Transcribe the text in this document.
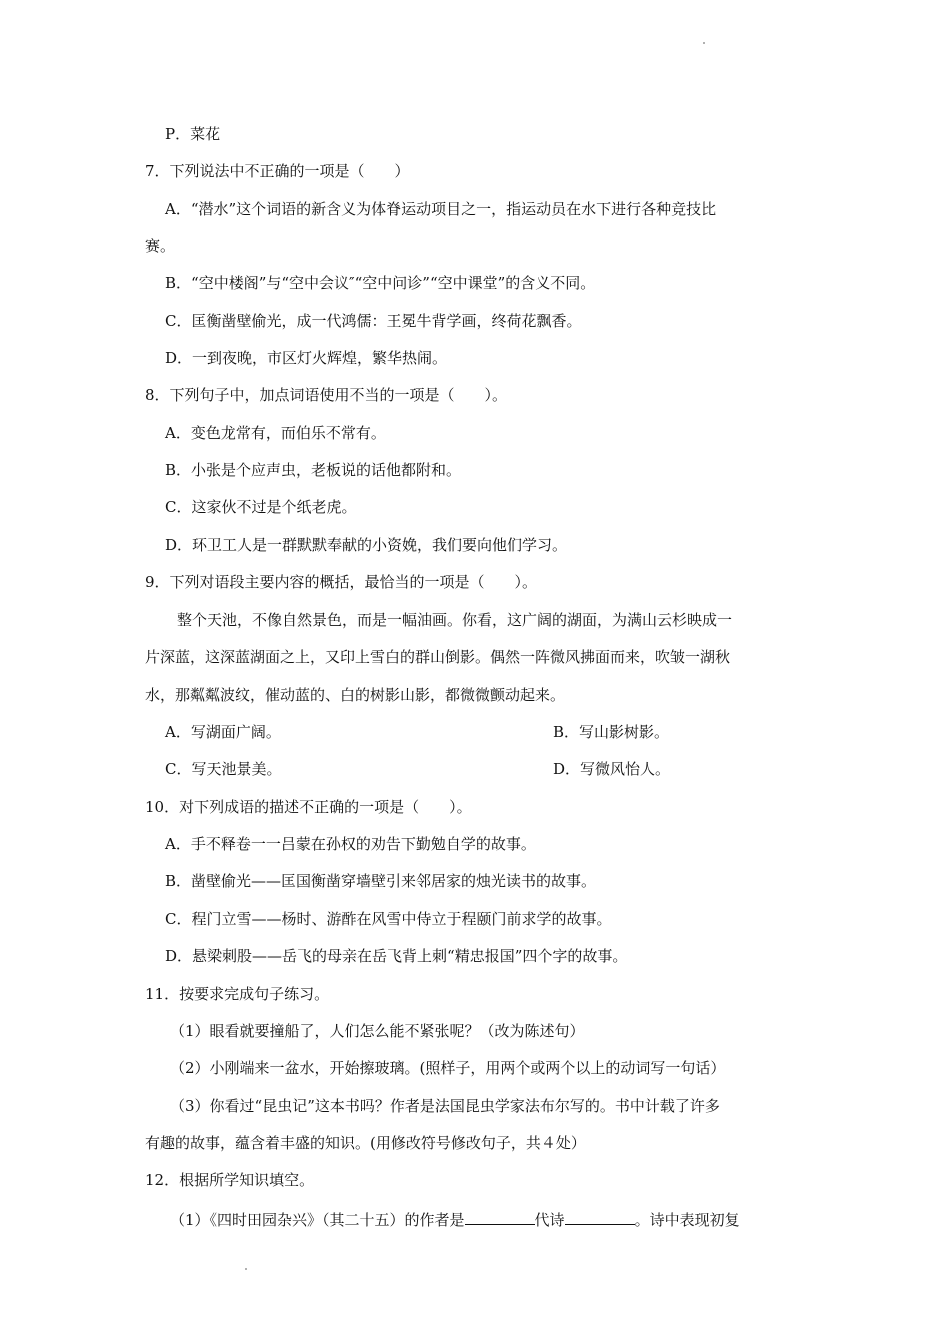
P．菜花
7．下列说法中不正确的一项是（　　）
A．“潜水”这个词语的新含义为体脊运动项目之一，指运动员在水下进行各种竞技比
赛。
B．“空中楼阁”与“空中会议″“空中问诊”“空中课堂”的含义不同。
C．匡衡凿壁偷光，成一代鸿儒：王冕牛背学画，终荷花飘香。
D．一到夜晚，市区灯火辉煌，繁华热闹。
8．下列句子中，加点词语使用不当的一项是（　　）。
A．变色龙常有，而伯乐不常有。
B．小张是个应声虫，老板说的话他都附和。
C．这家伙不过是个纸老虎。
D．环卫工人是一群默默奉献的小资娩，我们要向他们学习。
9．下列对语段主要内容的概括，最恰当的一项是（　　）。
整个天池，不像自然景色，而是一幅油画。你看，这广阔的湖面，为满山云杉映成一
片深蓝，这深蓝湖面之上，又印上雪白的群山倒影。偶然一阵微风拂面而来，吹皱一湖秋
水，那粼粼波纹，催动蓝的、白的树影山影，都微微颤动起来。
A．写湖面广阔。	B．写山影树影。
C．写天池景美。	D．写微风怡人。
10．对下列成语的描述不正确的一项是（　　）。
A．手不释卷一一吕蒙在孙权的劝告下勤勉自学的故事。
B．凿壁偷光——匡国衡凿穿墙壁引来邻居家的烛光读书的故事。
C．程门立雪——杨时、游酢在风雪中侍立于程颐门前求学的故事。
D．悬梁刺股——岳飞的母亲在岳飞背上刺“精忠报国”四个字的故事。
11．按要求完成句子练习。
（1）眼看就要撞船了，人们怎么能不紧张呢？（改为陈述句）
（2）小刚端来一盆水，开始擦玻璃。(照样子，用两个或两个以上的动词写一句话）
（3）你看过“昆虫记”这本书吗？作者是法国昆虫学家法布尔写的。书中计载了许多
有趣的故事，蕴含着丰盛的知识。(用修改符号修改句子，共４处）
12．根据所学知识填空。
（1）《四时田园杂兴》（其二十五）的作者是	代诗	。诗中表现初复
